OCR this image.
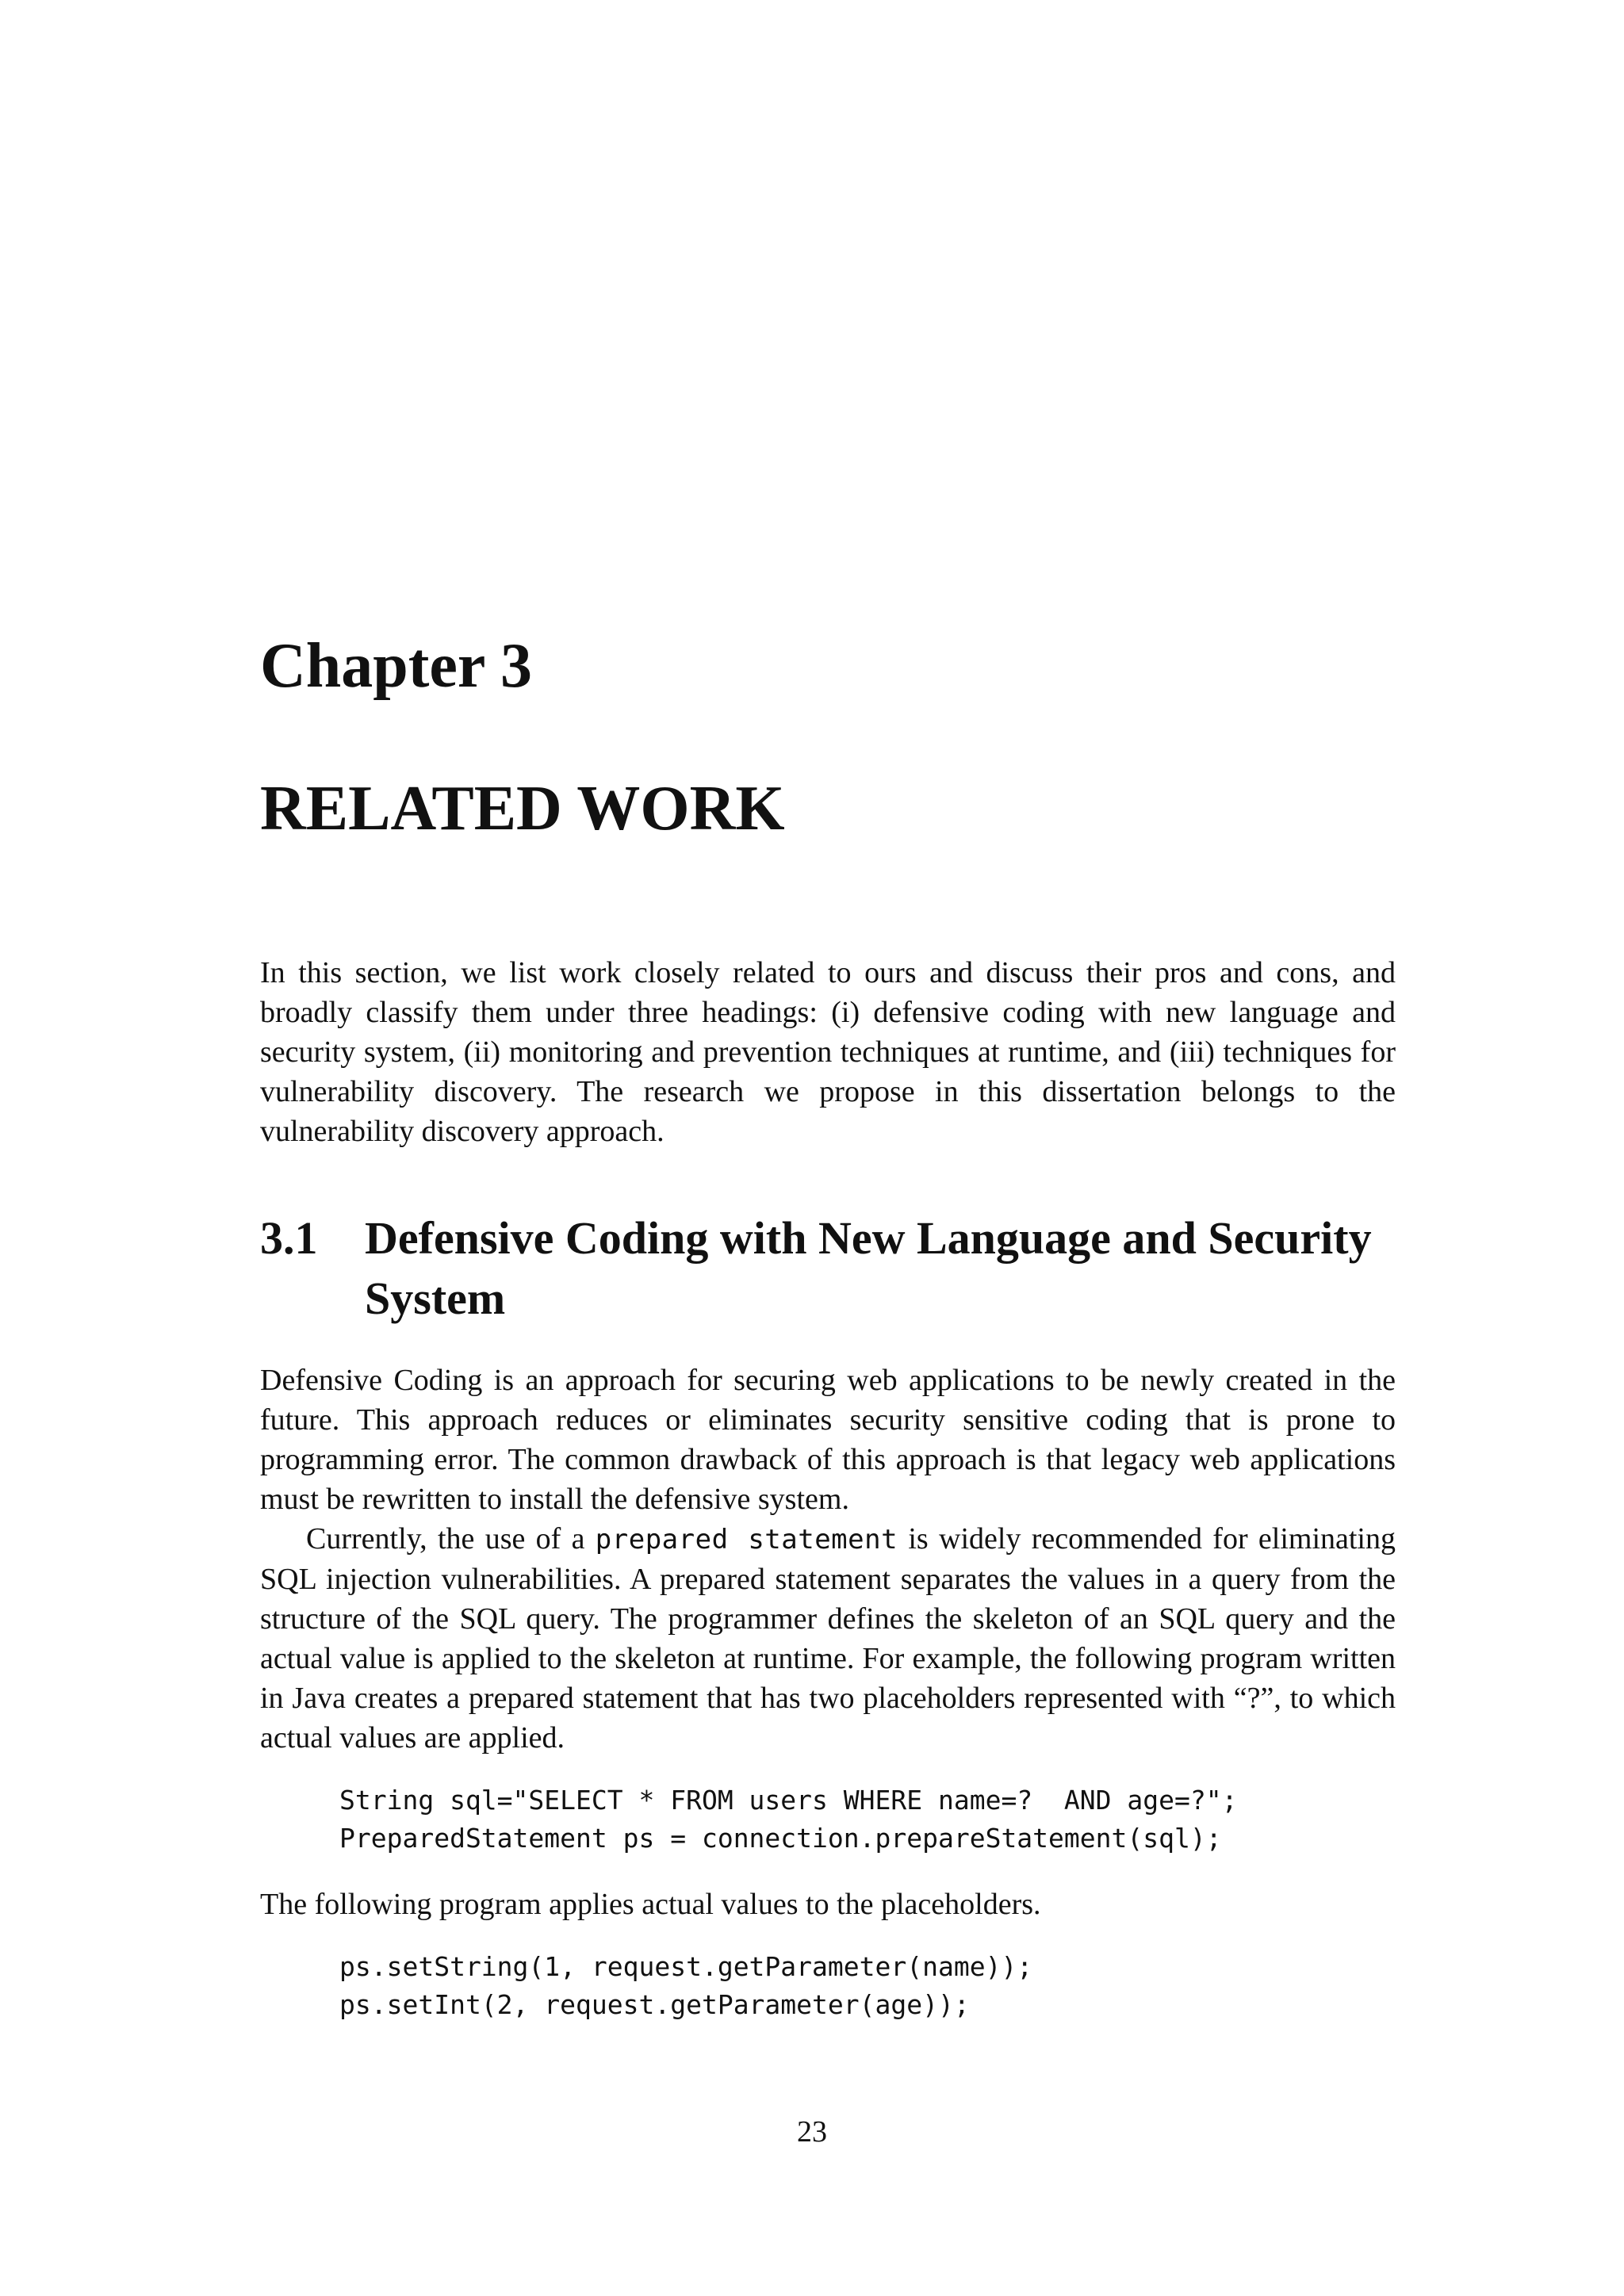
Chapter 3
RELATED WORK

In this section, we list work closely related to ours and discuss their pros and cons, and broadly classify them under three headings: (i) defensive coding with new language and security system, (ii) monitoring and prevention techniques at runtime, and (iii) techniques for vulnerability discovery. The research we propose in this dissertation belongs to the vulnerability discovery approach.

3.1	Defensive Coding with New Language and Security System

Defensive Coding is an approach for securing web applications to be newly created in the future. This approach reduces or eliminates security sensitive coding that is prone to programming error. The common drawback of this approach is that legacy web applications must be rewritten to install the defensive system.

Currently, the use of a prepared statement is widely recommended for eliminating SQL injection vulnerabilities. A prepared statement separates the values in a query from the structure of the SQL query. The programmer defines the skeleton of an SQL query and the actual value is applied to the skeleton at runtime. For example, the following program written in Java creates a prepared statement that has two placeholders represented with “?”, to which actual values are applied.

String sql="SELECT * FROM users WHERE name=?  AND age=?";
PreparedStatement ps = connection.prepareStatement(sql);

The following program applies actual values to the placeholders.

ps.setString(1, request.getParameter(name));
ps.setInt(2, request.getParameter(age));
23
